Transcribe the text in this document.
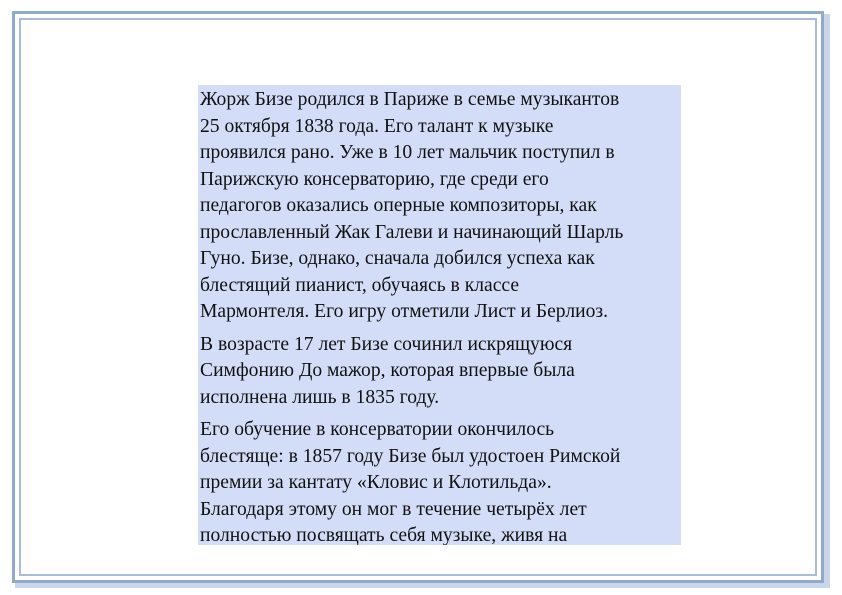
Жорж Бизе родился в Париже в семье музыкантов
25 октября 1838 года. Его талант к музыке
проявился рано. Уже в 10 лет мальчик поступил в
Парижскую консерваторию, где среди его
педагогов оказались оперные композиторы, как
прославленный Жак Галеви и начинающий Шарль
Гуно. Бизе, однако, сначала добился успеха как
блестящий пианист, обучаясь в классе
Мармонтеля. Его игру отметили Лист и Берлиоз.

В возрасте 17 лет Бизе сочинил искрящуюся
Симфонию До мажор, которая впервые была
исполнена лишь в 1835 году.

Его обучение в консерватории окончилось
блестяще: в 1857 году Бизе был удостоен Римской
премии за кантату «Кловис и Клотильда».
Благодаря этому он мог в течение четырёх лет
полностью посвящать себя музыке, живя на
